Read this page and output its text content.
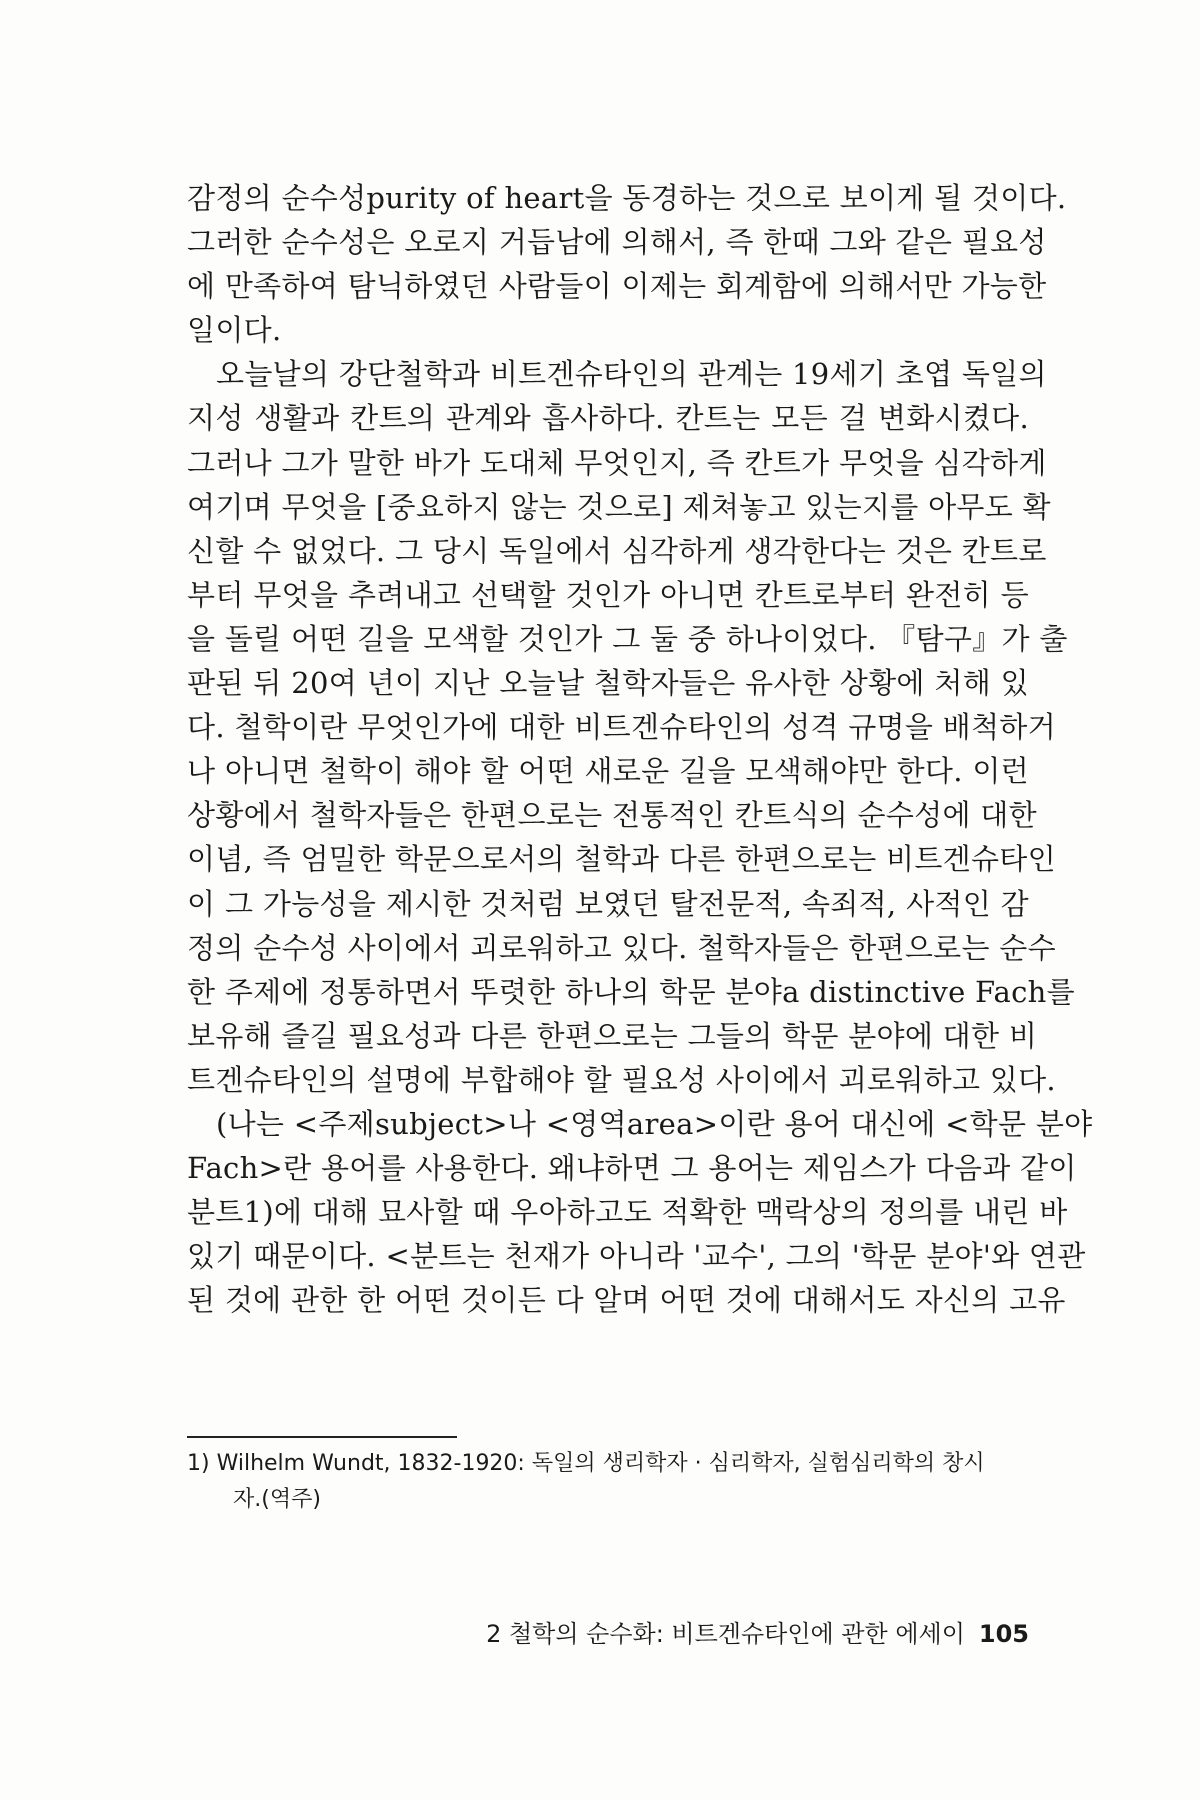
감정의 순수성purity of heart을 동경하는 것으로 보이게 될 것이다.
그러한 순수성은 오로지 거듭남에 의해서, 즉 한때 그와 같은 필요성
에 만족하여 탐닉하였던 사람들이 이제는 회계함에 의해서만 가능한
일이다.
오늘날의 강단철학과 비트겐슈타인의 관계는 19세기 초엽 독일의
지성 생활과 칸트의 관계와 흡사하다. 칸트는 모든 걸 변화시켰다.
그러나 그가 말한 바가 도대체 무엇인지, 즉 칸트가 무엇을 심각하게
여기며 무엇을 [중요하지 않는 것으로] 제쳐놓고 있는지를 아무도 확
신할 수 없었다. 그 당시 독일에서 심각하게 생각한다는 것은 칸트로
부터 무엇을 추려내고 선택할 것인가 아니면 칸트로부터 완전히 등
을 돌릴 어떤 길을 모색할 것인가 그 둘 중 하나이었다. 『탐구』가 출
판된 뒤 20여 년이 지난 오늘날 철학자들은 유사한 상황에 처해 있
다. 철학이란 무엇인가에 대한 비트겐슈타인의 성격 규명을 배척하거
나 아니면 철학이 해야 할 어떤 새로운 길을 모색해야만 한다. 이런
상황에서 철학자들은 한편으로는 전통적인 칸트식의 순수성에 대한
이념, 즉 엄밀한 학문으로서의 철학과 다른 한편으로는 비트겐슈타인
이 그 가능성을 제시한 것처럼 보였던 탈전문적, 속죄적, 사적인 감
정의 순수성 사이에서 괴로워하고 있다. 철학자들은 한편으로는 순수
한 주제에 정통하면서 뚜렷한 하나의 학문 분야a distinctive Fach를
보유해 즐길 필요성과 다른 한편으로는 그들의 학문 분야에 대한 비
트겐슈타인의 설명에 부합해야 할 필요성 사이에서 괴로워하고 있다.
(나는 <주제subject>나 <영역area>이란 용어 대신에 <학문 분야
Fach>란 용어를 사용한다. 왜냐하면 그 용어는 제임스가 다음과 같이
분트1)에 대해 묘사할 때 우아하고도 적확한 맥락상의 정의를 내린 바
있기 때문이다. <분트는 천재가 아니라 '교수', 그의 '학문 분야'와 연관
된 것에 관한 한 어떤 것이든 다 알며 어떤 것에 대해서도 자신의 고유
1) Wilhelm Wundt, 1832-1920: 독일의 생리학자 · 심리학자, 실험심리학의 창시
자.(역주)
2 철학의 순수화: 비트겐슈타인에 관한 에세이 105
